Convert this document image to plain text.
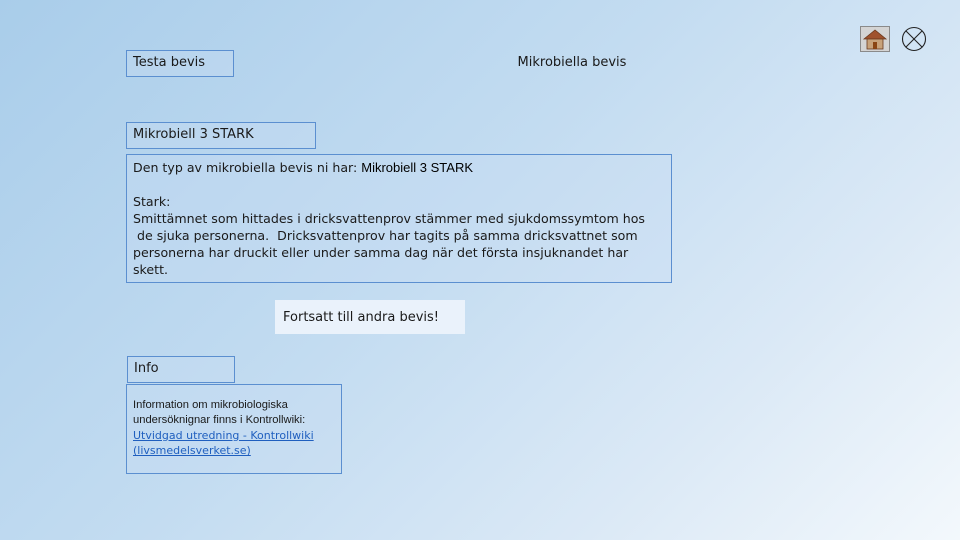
Testa bevis	Mikrobiella bevis
Mikrobiell 3 STARK
Den typ av mikrobiella bevis ni har: Mikrobiell 3 STARK
Stark:
Smittämnet som hittades i dricksvattenprov stämmer med sjukdomssymtom hos
de sjuka personerna.  Dricksvattenprov har tagits på samma dricksvattnet som
personerna har druckit eller under samma dag när det första insjuknandet har
skett.
Fortsatt till andra bevis!
Info
Information om mikrobiologiska
undersöknignar finns i Kontrollwiki:
Utvidgad utredning - Kontrollwiki
(livsmedelsverket.se)
